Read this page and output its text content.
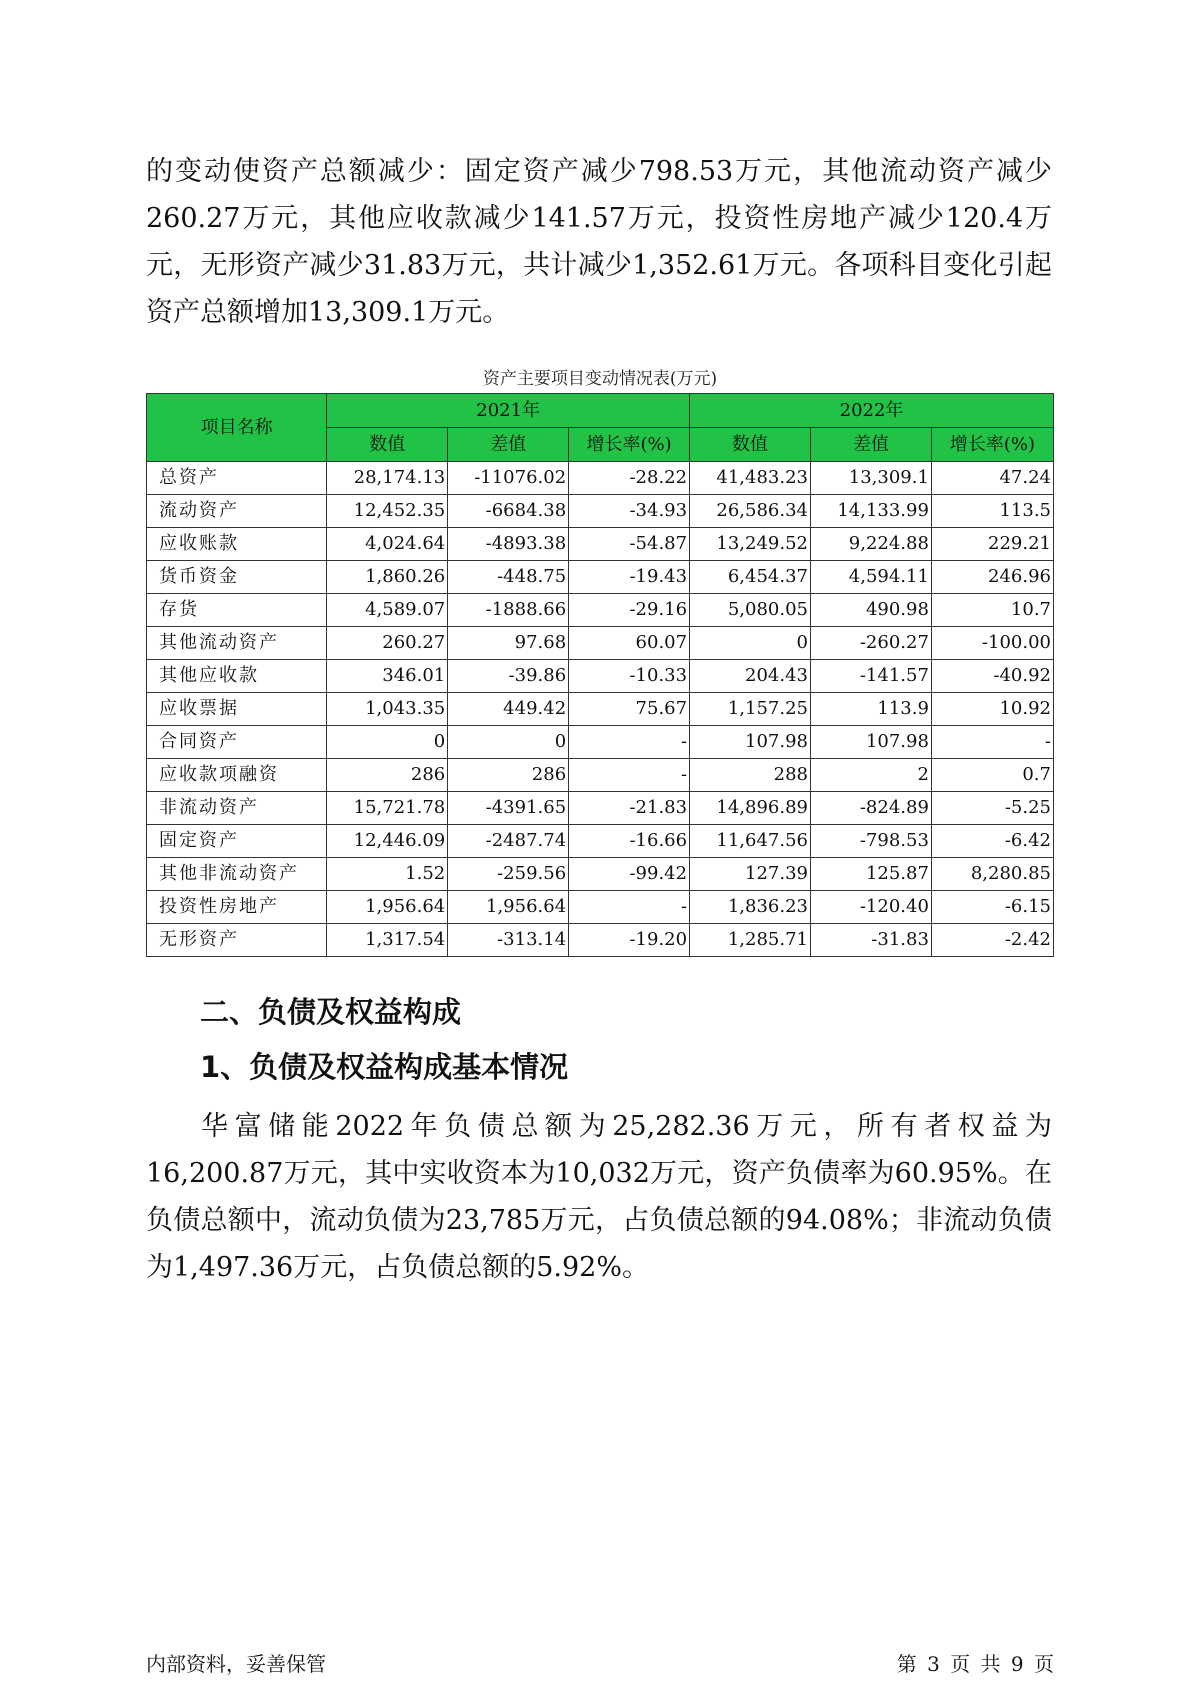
的变动使资产总额减少：固定资产减少798.53万元，其他流动资产减少260.27万元，其他应收款减少141.57万元，投资性房地产减少120.4万元，无形资产减少31.83万元，共计减少1,352.61万元。各项科目变化引起资产总额增加13,309.1万元。

资产主要项目变动情况表(万元)
项目名称	2021年			2022年		
	数值	差值	增长率(%)	数值	差值	增长率(%)
总资产	28,174.13	-11076.02	-28.22	41,483.23	13,309.1	47.24
流动资产	12,452.35	-6684.38	-34.93	26,586.34	14,133.99	113.5
应收账款	4,024.64	-4893.38	-54.87	13,249.52	9,224.88	229.21
货币资金	1,860.26	-448.75	-19.43	6,454.37	4,594.11	246.96
存货	4,589.07	-1888.66	-29.16	5,080.05	490.98	10.7
其他流动资产	260.27	97.68	60.07	0	-260.27	-100.00
其他应收款	346.01	-39.86	-10.33	204.43	-141.57	-40.92
应收票据	1,043.35	449.42	75.67	1,157.25	113.9	10.92
合同资产	0	0	-	107.98	107.98	-
应收款项融资	286	286	-	288	2	0.7
非流动资产	15,721.78	-4391.65	-21.83	14,896.89	-824.89	-5.25
固定资产	12,446.09	-2487.74	-16.66	11,647.56	-798.53	-6.42
其他非流动资产	1.52	-259.56	-99.42	127.39	125.87	8,280.85
投资性房地产	1,956.64	1,956.64	-	1,836.23	-120.40	-6.15
无形资产	1,317.54	-313.14	-19.20	1,285.71	-31.83	-2.42
二、负债及权益构成
1、负债及权益构成基本情况

华富储能2022年负债总额为25,282.36万元，所有者权益为16,200.87万元，其中实收资本为10,032万元，资产负债率为60.95%。在负债总额中，流动负债为23,785万元，占负债总额的94.08%；非流动负债为1,497.36万元，占负债总额的5.92%。

内部资料，妥善保管	第 3 页 共 9 页
